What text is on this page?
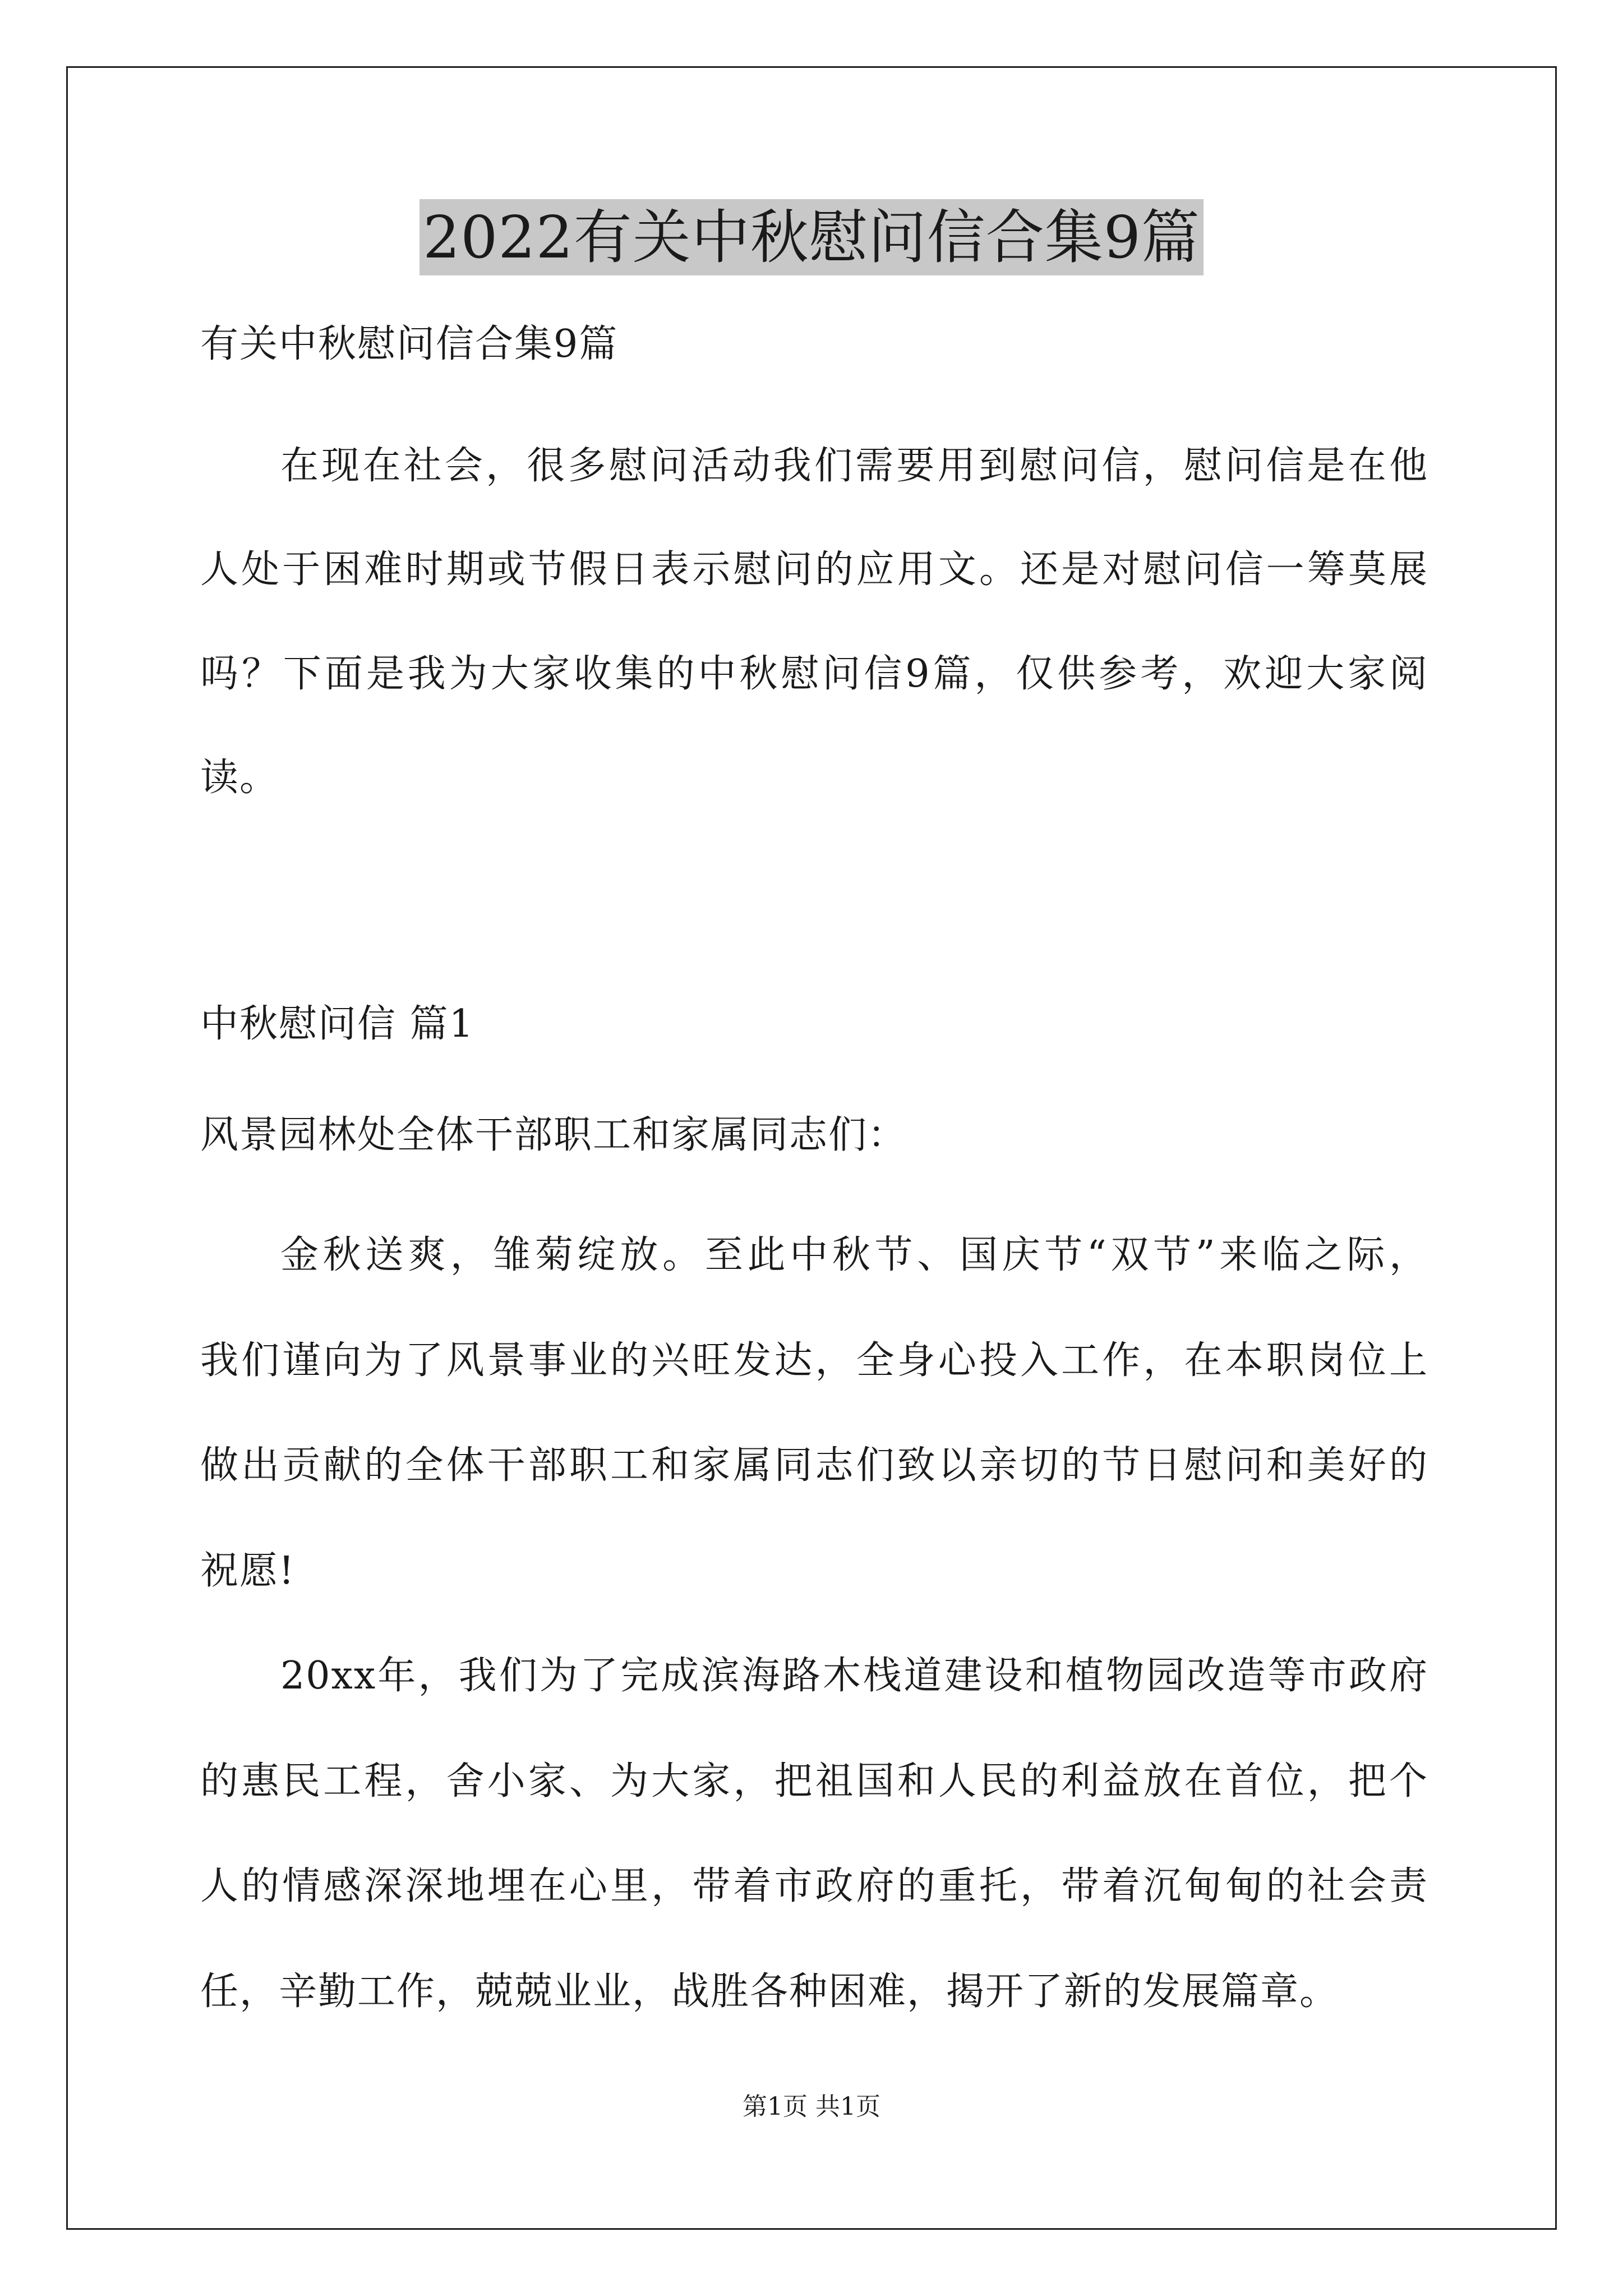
2022有关中秋慰问信合集9篇
有关中秋慰问信合集9篇
在现在社会，很多慰问活动我们需要用到慰问信，慰问信是在他
人处于困难时期或节假日表示慰问的应用文。还是对慰问信一筹莫展
吗？下面是我为大家收集的中秋慰问信9篇，仅供参考，欢迎大家阅
读。
中秋慰问信 篇1
风景园林处全体干部职工和家属同志们：
金秋送爽，雏菊绽放。至此中秋节、国庆节“双节”来临之际，
我们谨向为了风景事业的兴旺发达，全身心投入工作，在本职岗位上
做出贡献的全体干部职工和家属同志们致以亲切的节日慰问和美好的
祝愿!
20xx年，我们为了完成滨海路木栈道建设和植物园改造等市政府
的惠民工程，舍小家、为大家，把祖国和人民的利益放在首位，把个
人的情感深深地埋在心里，带着市政府的重托，带着沉甸甸的社会责
任，辛勤工作，兢兢业业，战胜各种困难，揭开了新的发展篇章。
第1页 共1页
